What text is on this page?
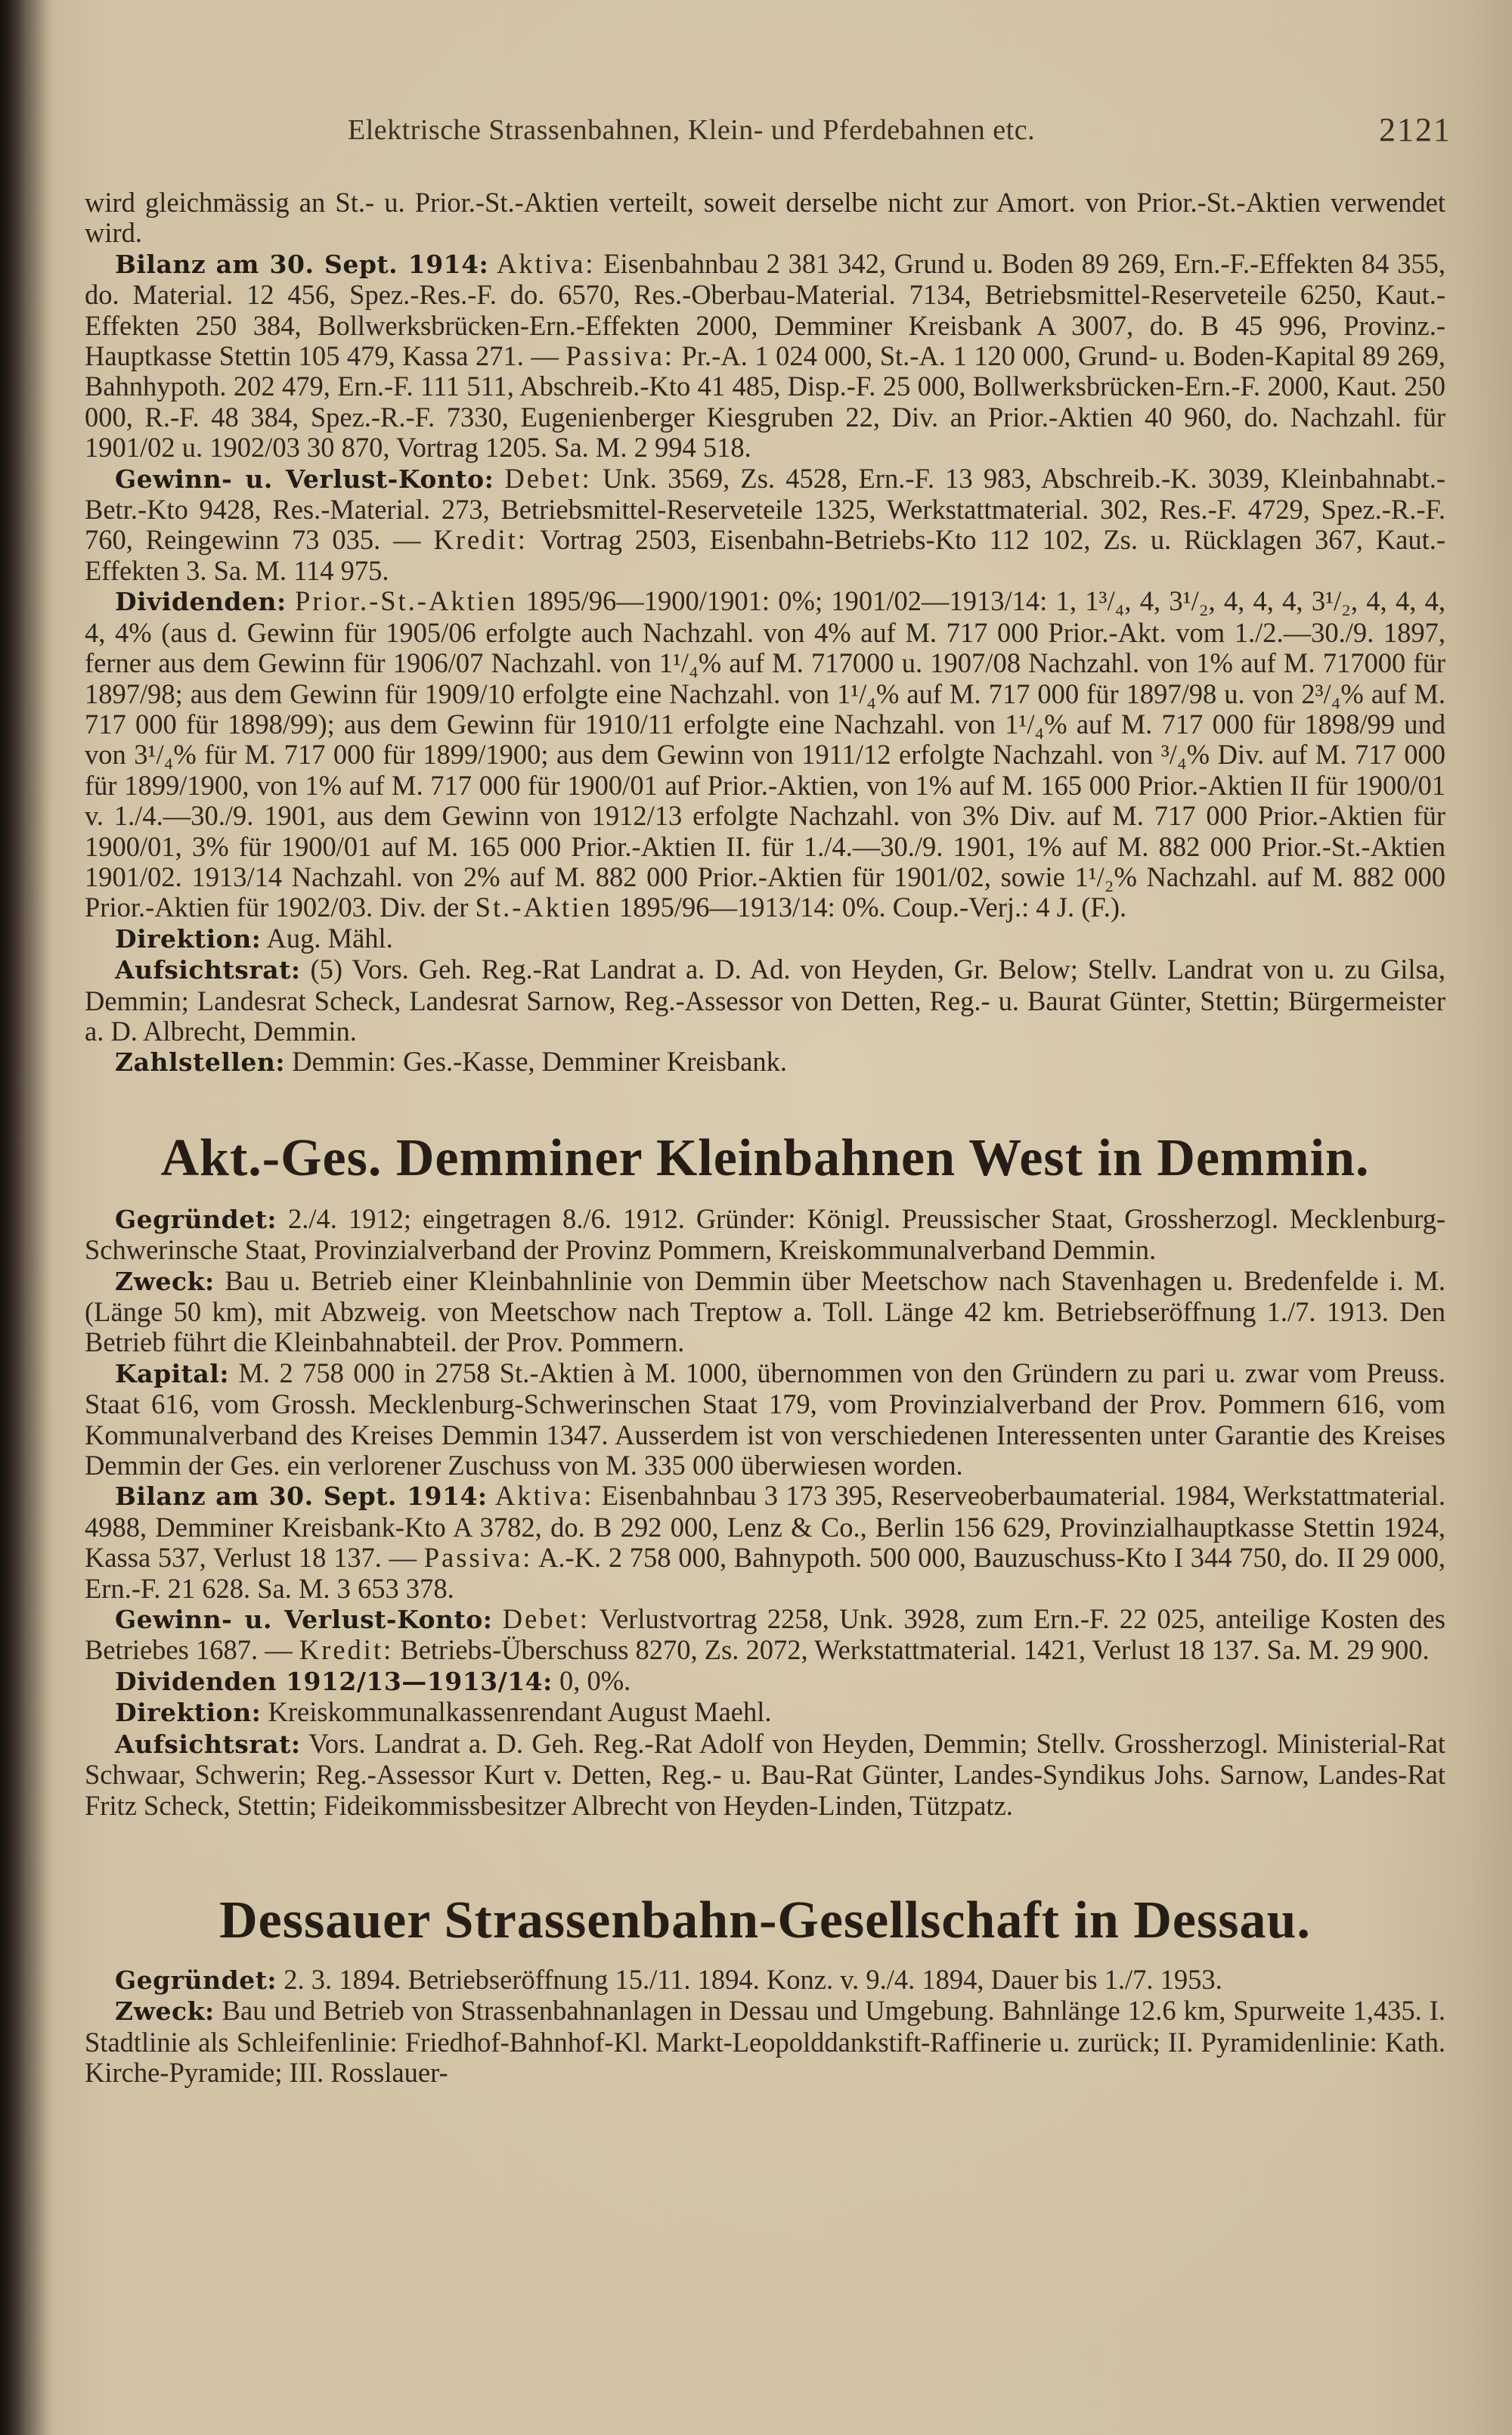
Elektrische Strassenbahnen, Klein- und Pferdebahnen etc.	2121

wird gleichmässig an St.- u. Prior.-St.-Aktien verteilt, soweit derselbe nicht zur Amort. von Prior.-St.-Aktien verwendet wird.

Bilanz am 30. Sept. 1914: Aktiva: Eisenbahnbau 2 381 342, Grund u. Boden 89 269, Ern.-F.-Effekten 84 355, do. Material. 12 456, Spez.-Res.-F. do. 6570, Res.-Oberbau-Material. 7134, Betriebsmittel-Reserveteile 6250, Kaut.-Effekten 250 384, Bollwerksbrücken-Ern.-Effekten 2000, Demminer Kreisbank A 3007, do. B 45 996, Provinz.-Hauptkasse Stettin 105 479, Kassa 271. — Passiva: Pr.-A. 1 024 000, St.-A. 1 120 000, Grund- u. Boden-Kapital 89 269, Bahnhypoth. 202 479, Ern.-F. 111 511, Abschreib.-Kto 41 485, Disp.-F. 25 000, Bollwerksbrücken-Ern.-F. 2000, Kaut. 250 000, R.-F. 48 384, Spez.-R.-F. 7330, Eugenienberger Kiesgruben 22, Div. an Prior.-Aktien 40 960, do. Nachzahl. für 1901/02 u. 1902/03 30 870, Vortrag 1205. Sa. M. 2 994 518.

Gewinn- u. Verlust-Konto: Debet: Unk. 3569, Zs. 4528, Ern.-F. 13 983, Abschreib.-K. 3039, Kleinbahnabt.-Betr.-Kto 9428, Res.-Material. 273, Betriebsmittel-Reserveteile 1325, Werkstattmaterial. 302, Res.-F. 4729, Spez.-R.-F. 760, Reingewinn 73 035. — Kredit: Vortrag 2503, Eisenbahn-Betriebs-Kto 112 102, Zs. u. Rücklagen 367, Kaut.-Effekten 3. Sa. M. 114 975.

Dividenden: Prior.-St.-Aktien 1895/96—1900/1901: 0%; 1901/02—1913/14: 1, 1³/₄, 4, 3¹/₂, 4, 4, 4, 3¹/₂, 4, 4, 4, 4, 4% (aus d. Gewinn für 1905/06 erfolgte auch Nachzahl. von 4% auf M. 717 000 Prior.-Akt. vom 1./2.—30./9. 1897, ferner aus dem Gewinn für 1906/07 Nachzahl. von 1¹/₄% auf M. 717000 u. 1907/08 Nachzahl. von 1% auf M. 717000 für 1897/98; aus dem Gewinn für 1909/10 erfolgte eine Nachzahl. von 1¹/₄% auf M. 717 000 für 1897/98 u. von 2³/₄% auf M. 717 000 für 1898/99); aus dem Gewinn für 1910/11 erfolgte eine Nachzahl. von 1¹/₄% auf M. 717 000 für 1898/99 und von 3¹/₄% für M. 717 000 für 1899/1900; aus dem Gewinn von 1911/12 erfolgte Nachzahl. von ³/₄% Div. auf M. 717 000 für 1899/1900, von 1% auf M. 717 000 für 1900/01 auf Prior.-Aktien, von 1% auf M. 165 000 Prior.-Aktien II für 1900/01 v. 1./4.—30./9. 1901, aus dem Gewinn von 1912/13 erfolgte Nachzahl. von 3% Div. auf M. 717 000 Prior.-Aktien für 1900/01, 3% für 1900/01 auf M. 165 000 Prior.-Aktien II. für 1./4.—30./9. 1901, 1% auf M. 882 000 Prior.-St.-Aktien 1901/02. 1913/14 Nachzahl. von 2% auf M. 882 000 Prior.-Aktien für 1901/02, sowie 1¹/₂% Nachzahl. auf M. 882 000 Prior.-Aktien für 1902/03. Div. der St.-Aktien 1895/96—1913/14: 0%. Coup.-Verj.: 4 J. (F.).

Direktion: Aug. Mähl.

Aufsichtsrat: (5) Vors. Geh. Reg.-Rat Landrat a. D. Ad. von Heyden, Gr. Below; Stellv. Landrat von u. zu Gilsa, Demmin; Landesrat Scheck, Landesrat Sarnow, Reg.-Assessor von Detten, Reg.- u. Baurat Günter, Stettin; Bürgermeister a. D. Albrecht, Demmin.

Zahlstellen: Demmin: Ges.-Kasse, Demminer Kreisbank.

Akt.-Ges. Demminer Kleinbahnen West in Demmin.

Gegründet: 2./4. 1912; eingetragen 8./6. 1912. Gründer: Königl. Preussischer Staat, Grossherzogl. Mecklenburg-Schwerinsche Staat, Provinzialverband der Provinz Pommern, Kreiskommunalverband Demmin.

Zweck: Bau u. Betrieb einer Kleinbahnlinie von Demmin über Meetschow nach Stavenhagen u. Bredenfelde i. M. (Länge 50 km), mit Abzweig. von Meetschow nach Treptow a. Toll. Länge 42 km. Betriebseröffnung 1./7. 1913. Den Betrieb führt die Kleinbahnabteil. der Prov. Pommern.

Kapital: M. 2 758 000 in 2758 St.-Aktien à M. 1000, übernommen von den Gründern zu pari u. zwar vom Preuss. Staat 616, vom Grossh. Mecklenburg-Schwerinschen Staat 179, vom Provinzialverband der Prov. Pommern 616, vom Kommunalverband des Kreises Demmin 1347. Ausserdem ist von verschiedenen Interessenten unter Garantie des Kreises Demmin der Ges. ein verlorener Zuschuss von M. 335 000 überwiesen worden.

Bilanz am 30. Sept. 1914: Aktiva: Eisenbahnbau 3 173 395, Reserveoberbaumaterial. 1984, Werkstattmaterial. 4988, Demminer Kreisbank-Kto A 3782, do. B 292 000, Lenz & Co., Berlin 156 629, Provinzialhauptkasse Stettin 1924, Kassa 537, Verlust 18 137. — Passiva: A.-K. 2 758 000, Bahnypoth. 500 000, Bauzuschuss-Kto I 344 750, do. II 29 000, Ern.-F. 21 628. Sa. M. 3 653 378.

Gewinn- u. Verlust-Konto: Debet: Verlustvortrag 2258, Unk. 3928, zum Ern.-F. 22 025, anteilige Kosten des Betriebes 1687. — Kredit: Betriebs-Überschuss 8270, Zs. 2072, Werkstattmaterial. 1421, Verlust 18 137. Sa. M. 29 900.

Dividenden 1912/13—1913/14: 0, 0%.

Direktion: Kreiskommunalkassenrendant August Maehl.

Aufsichtsrat: Vors. Landrat a. D. Geh. Reg.-Rat Adolf von Heyden, Demmin; Stellv. Grossherzogl. Ministerial-Rat Schwaar, Schwerin; Reg.-Assessor Kurt v. Detten, Reg.- u. Bau-Rat Günter, Landes-Syndikus Johs. Sarnow, Landes-Rat Fritz Scheck, Stettin; Fideikommissbesitzer Albrecht von Heyden-Linden, Tützpatz.

Dessauer Strassenbahn-Gesellschaft in Dessau.

Gegründet: 2. 3. 1894. Betriebseröffnung 15./11. 1894. Konz. v. 9./4. 1894, Dauer bis 1./7. 1953.

Zweck: Bau und Betrieb von Strassenbahnanlagen in Dessau und Umgebung. Bahnlänge 12.6 km, Spurweite 1,435. I. Stadtlinie als Schleifenlinie: Friedhof-Bahnhof-Kl. Markt-Leopolddankstift-Raffinerie u. zurück; II. Pyramidenlinie: Kath. Kirche-Pyramide; III. Rosslauer-
